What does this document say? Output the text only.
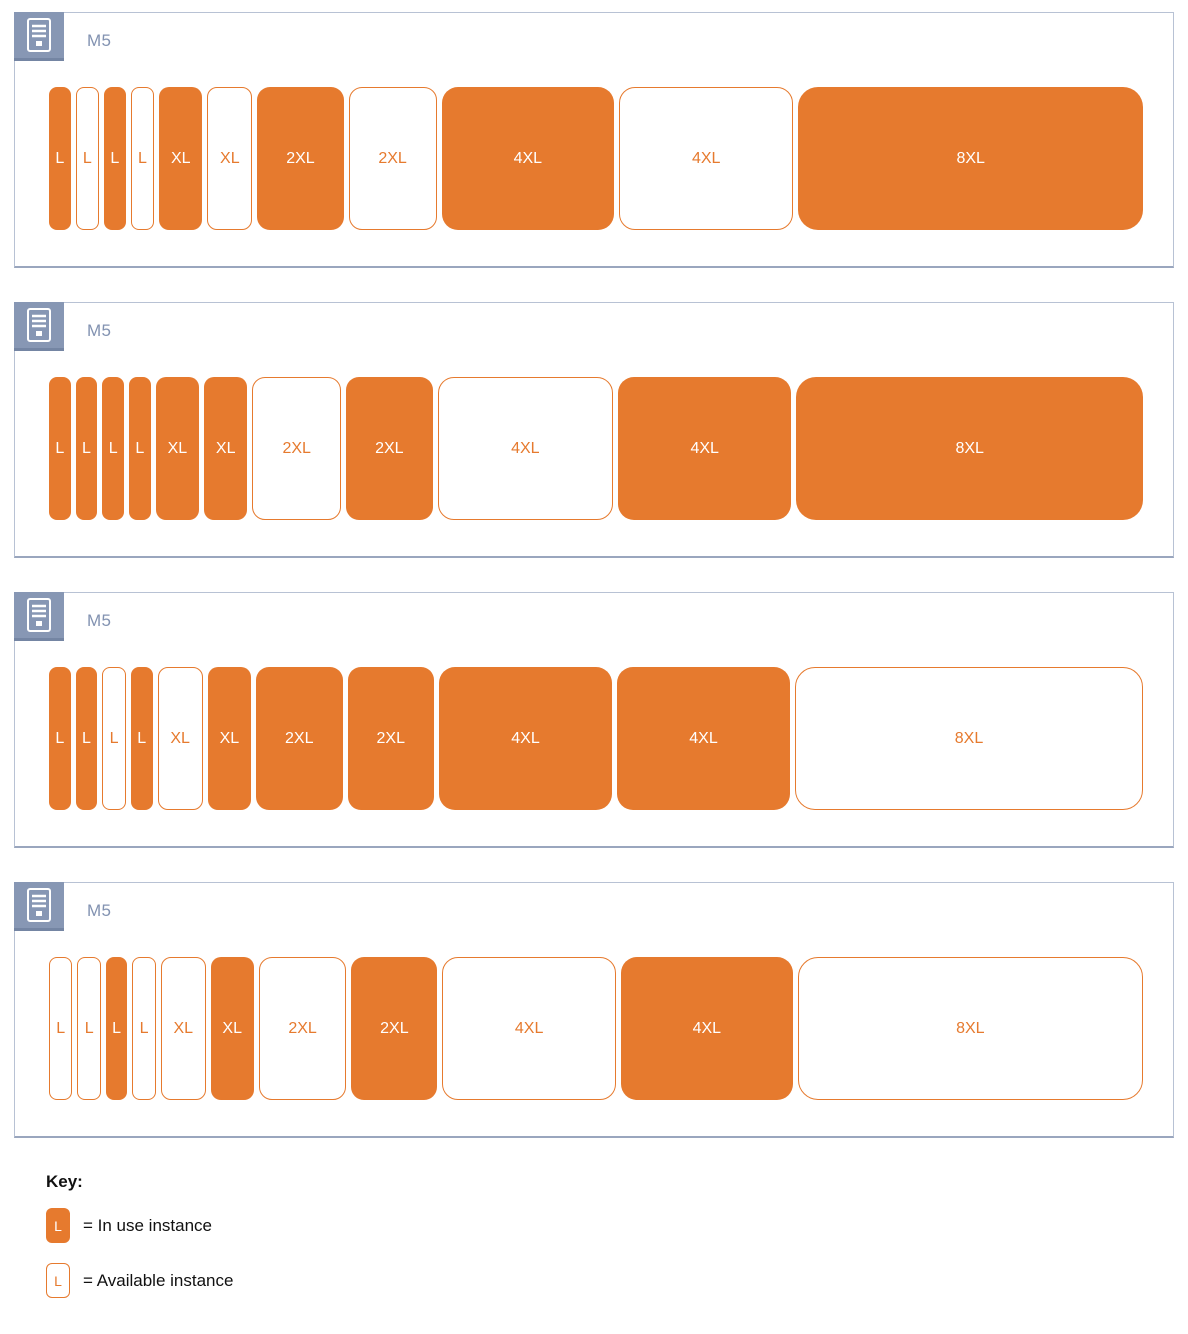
M5
L	L	L	L	XL	XL	2XL	2XL	4XL	4XL	8XL
M5
L	L	L	L	XL	XL	2XL	2XL	4XL	4XL	8XL
M5
L	L	L	L	XL	XL	2XL	2XL	4XL	4XL	8XL
M5
L	L	L	L	XL	XL	2XL	2XL	4XL	4XL	8XL
Key:
L	= In use instance
L	= Available instance
